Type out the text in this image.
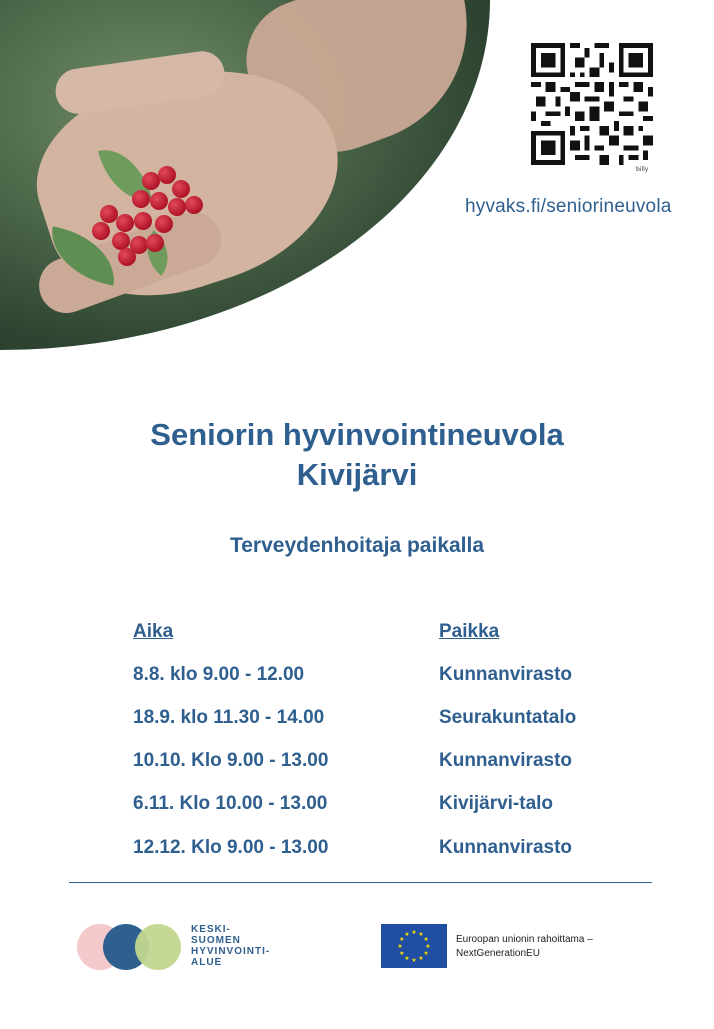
billy
hyvaks.fi/seniorineuvola
Seniorin hyvinvointineuvola
Kivijärvi
Terveydenhoitaja paikalla
Aika	Paikka
8.8. klo 9.00 - 12.00	Kunnanvirasto
18.9. klo 11.30 - 14.00	Seurakuntatalo
10.10. Klo 9.00 - 13.00	Kunnanvirasto
6.11. Klo 10.00 - 13.00	Kivijärvi-talo
12.12. Klo 9.00 - 13.00	Kunnanvirasto
KESKI-
SUOMEN
HYVINVOINTI-
ALUE
★
★
★
★
★
★
★
★
★ ★ ★
★	Euroopan unionin rahoittama –
NextGenerationEU
